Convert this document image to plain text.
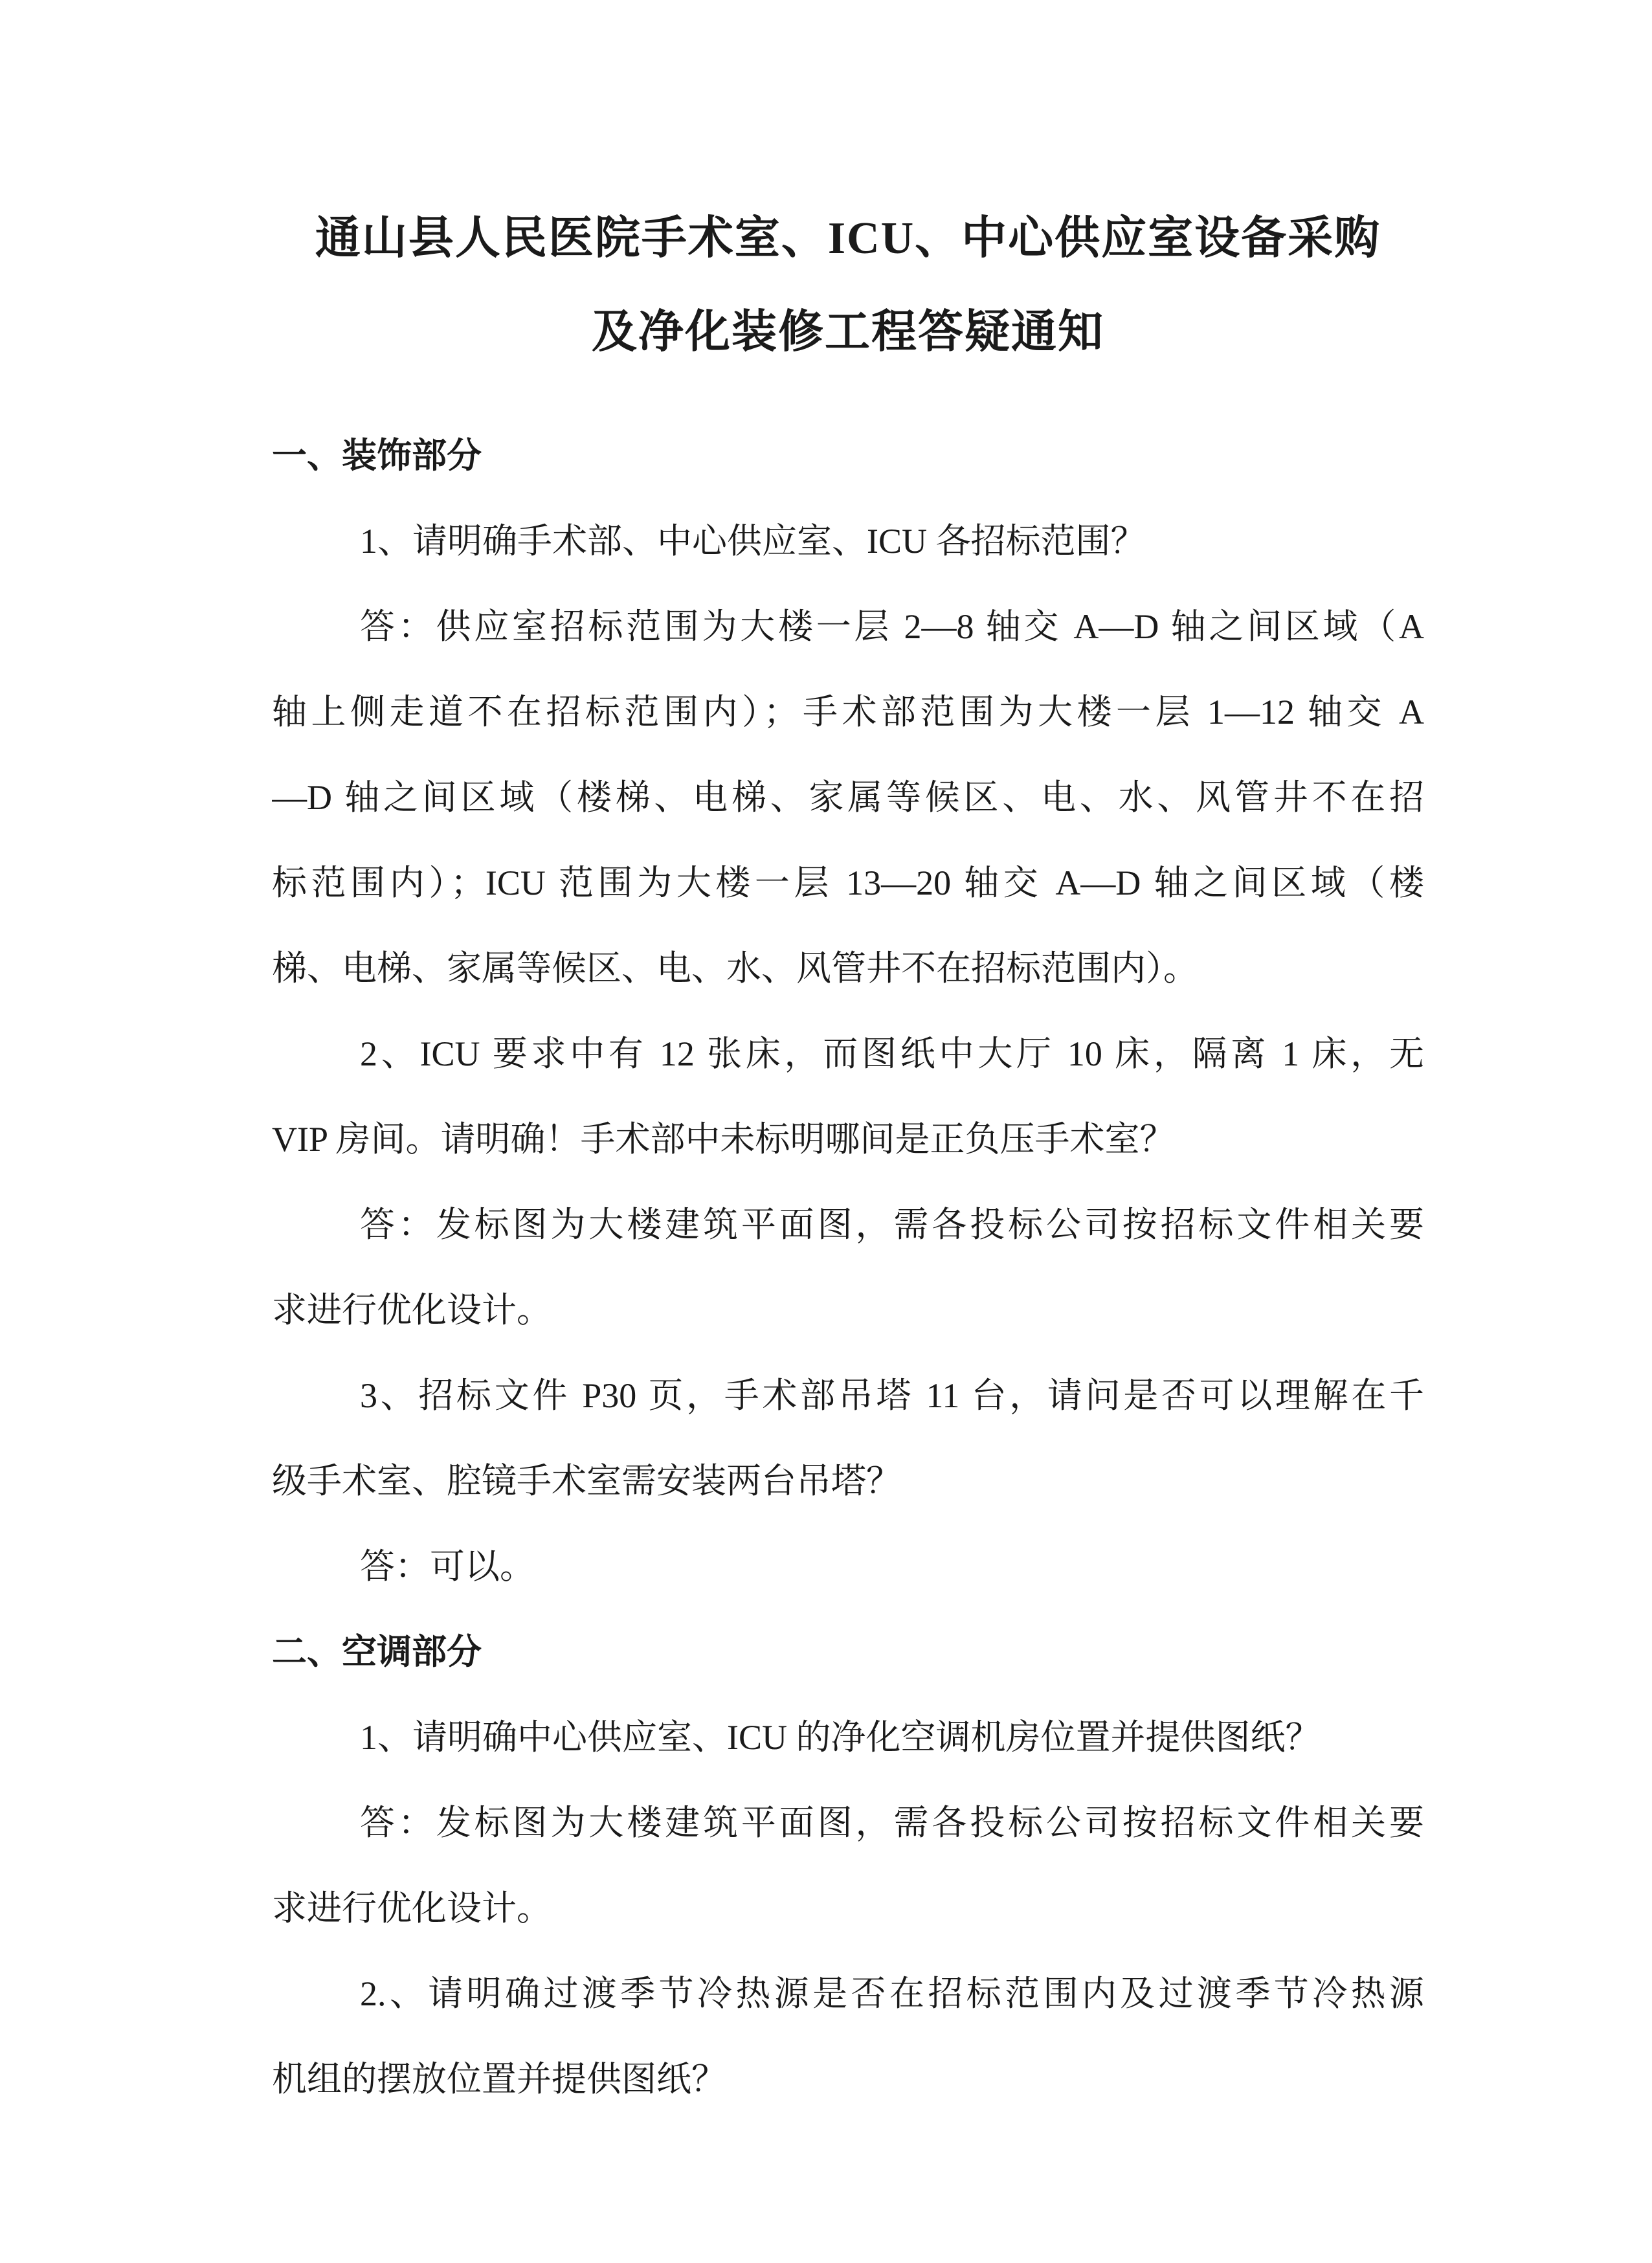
通山县人民医院手术室、ICU、中心供应室设备采购
及净化装修工程答疑通知
一、装饰部分
1、请明确手术部、中心供应室、ICU 各招标范围？
答：供应室招标范围为大楼一层 2—8 轴交 A—D 轴之间区域（A
轴上侧走道不在招标范围内）；手术部范围为大楼一层 1—12 轴交 A
—D 轴之间区域（楼梯、电梯、家属等候区、电、水、风管井不在招
标范围内）；ICU 范围为大楼一层 13—20 轴交 A—D 轴之间区域（楼
梯、电梯、家属等候区、电、水、风管井不在招标范围内）。
2、ICU 要求中有 12 张床，而图纸中大厅 10 床，隔离 1 床，无
VIP 房间。请明确！手术部中未标明哪间是正负压手术室？
答：发标图为大楼建筑平面图，需各投标公司按招标文件相关要
求进行优化设计。
3、招标文件 P30 页，手术部吊塔 11 台，请问是否可以理解在千
级手术室、腔镜手术室需安装两台吊塔？
答：可以。
二、空调部分
1、请明确中心供应室、ICU 的净化空调机房位置并提供图纸？
答：发标图为大楼建筑平面图，需各投标公司按招标文件相关要
求进行优化设计。
2.、请明确过渡季节冷热源是否在招标范围内及过渡季节冷热源
机组的摆放位置并提供图纸？
